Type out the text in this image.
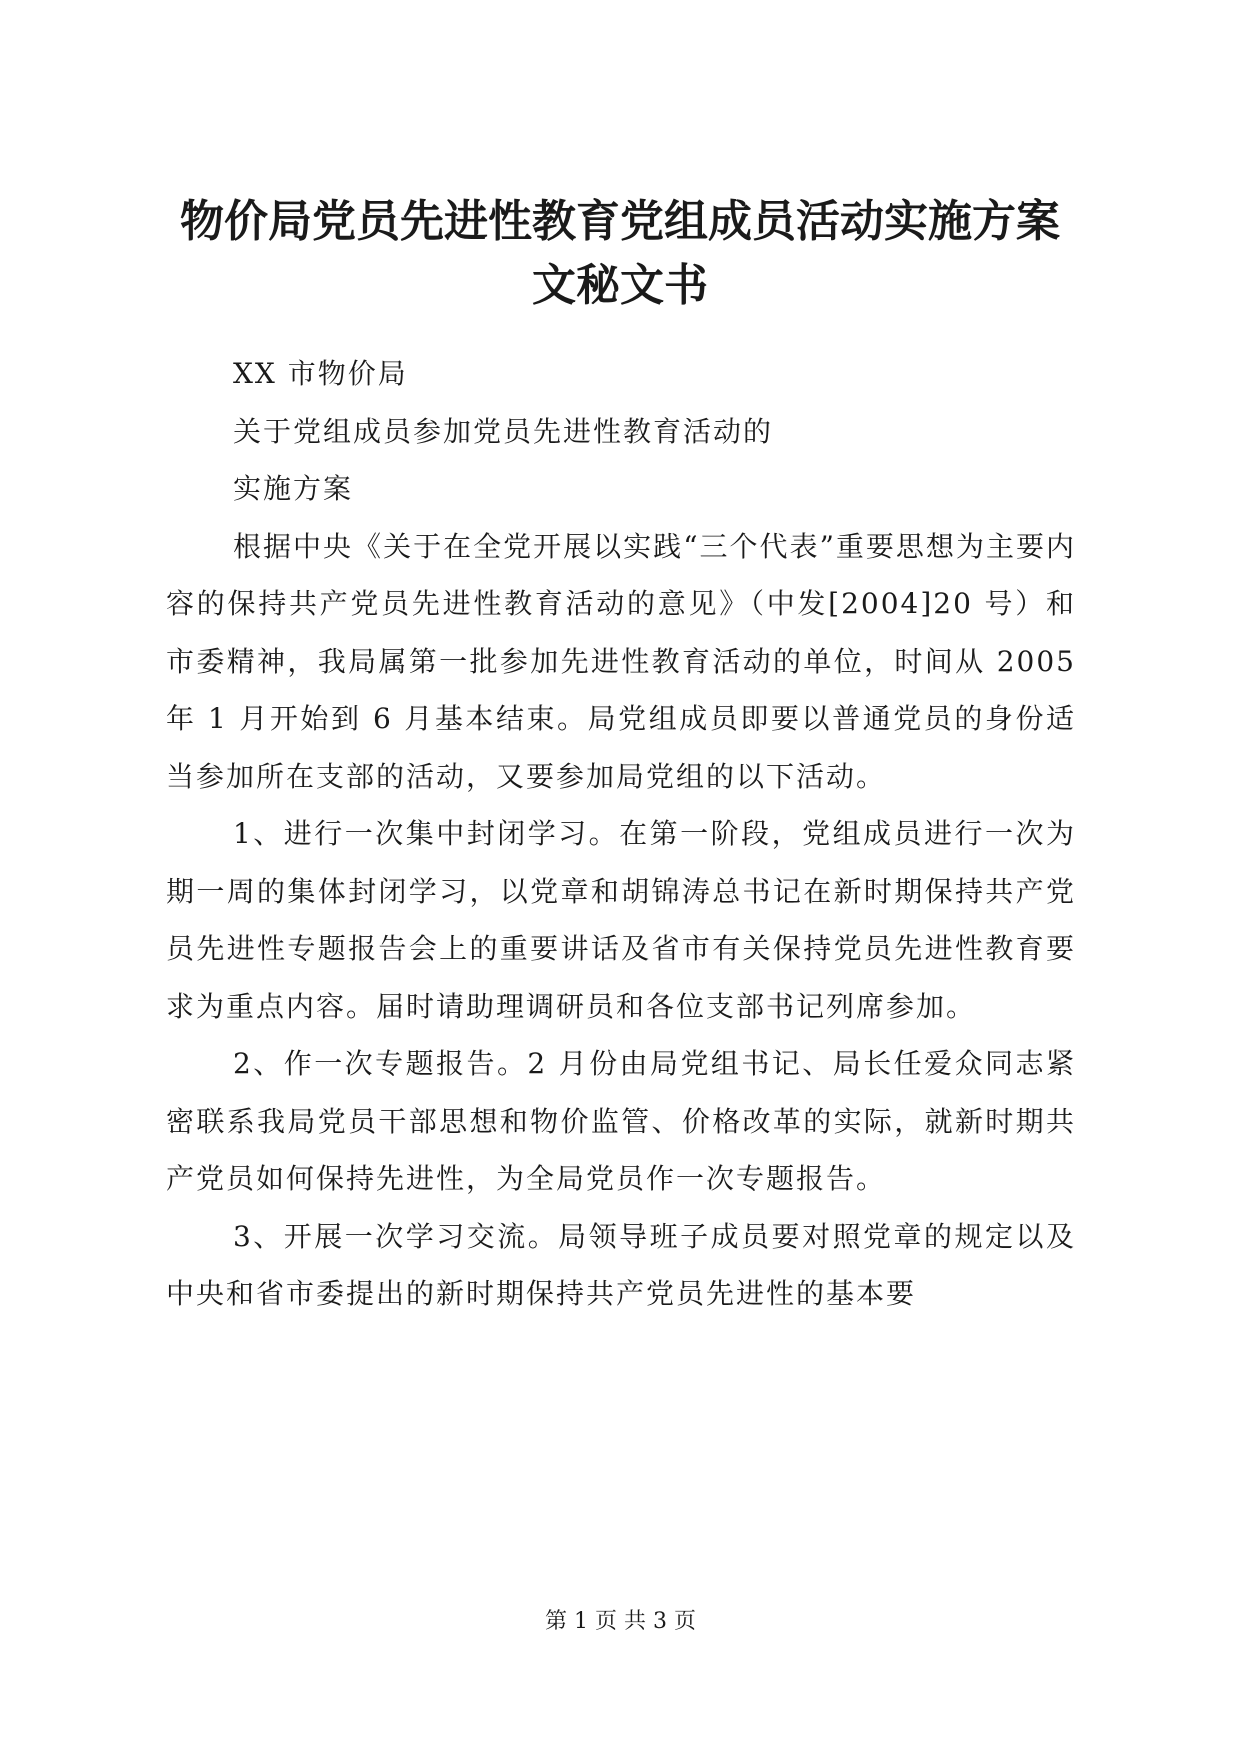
物价局党员先进性教育党组成员活动实施方案
文秘文书

XX 市物价局

关于党组成员参加党员先进性教育活动的

实施方案

根据中央《关于在全党开展以实践“三个代表”重要思想为主要内容的保持共产党员先进性教育活动的意见》（中发[2004]20 号）和市委精神，我局属第一批参加先进性教育活动的单位，时间从 2005 年 1 月开始到 6 月基本结束。局党组成员即要以普通党员的身份适当参加所在支部的活动，又要参加局党组的以下活动。

1、进行一次集中封闭学习。在第一阶段，党组成员进行一次为期一周的集体封闭学习，以党章和胡锦涛总书记在新时期保持共产党员先进性专题报告会上的重要讲话及省市有关保持党员先进性教育要求为重点内容。届时请助理调研员和各位支部书记列席参加。

2、作一次专题报告。2 月份由局党组书记、局长任爱众同志紧密联系我局党员干部思想和物价监管、价格改革的实际，就新时期共产党员如何保持先进性，为全局党员作一次专题报告。

3、开展一次学习交流。局领导班子成员要对照党章的规定以及中央和省市委提出的新时期保持共产党员先进性的基本要

第 1 页 共 3 页
